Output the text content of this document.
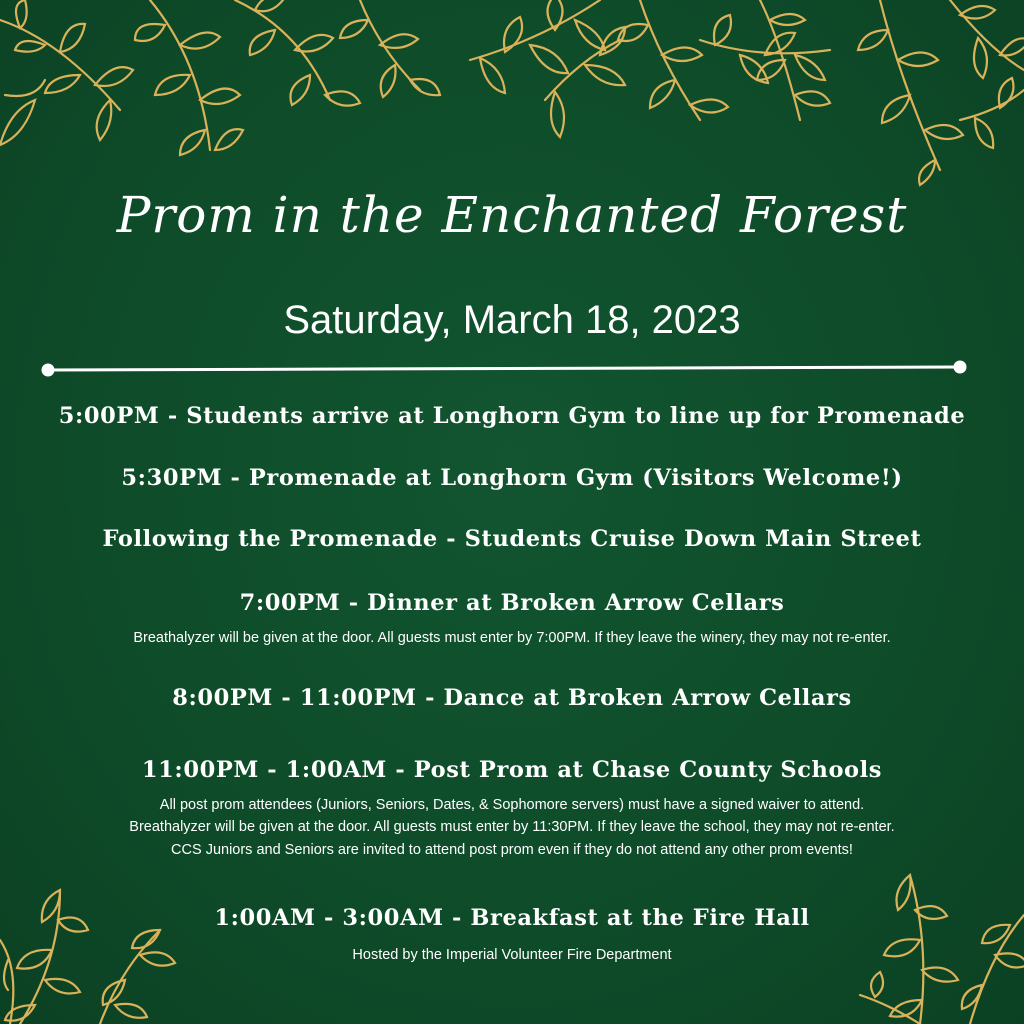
Prom in the Enchanted Forest
Saturday, March 18, 2023
5:00PM - Students arrive at Longhorn Gym to line up for Promenade
5:30PM - Promenade at Longhorn Gym (Visitors Welcome!)
Following the Promenade - Students Cruise Down Main Street
7:00PM - Dinner at Broken Arrow Cellars
Breathalyzer will be given at the door. All guests must enter by 7:00PM. If they leave the winery, they may not re-enter.
8:00PM - 11:00PM - Dance at Broken Arrow Cellars
11:00PM - 1:00AM - Post Prom at Chase County Schools
All post prom attendees (Juniors, Seniors, Dates, & Sophomore servers) must have a signed waiver to attend.
Breathalyzer will be given at the door. All guests must enter by 11:30PM. If they leave the school, they may not re-enter.
CCS Juniors and Seniors are invited to attend post prom even if they do not attend any other prom events!
1:00AM - 3:00AM - Breakfast at the Fire Hall
Hosted by the Imperial Volunteer Fire Department
